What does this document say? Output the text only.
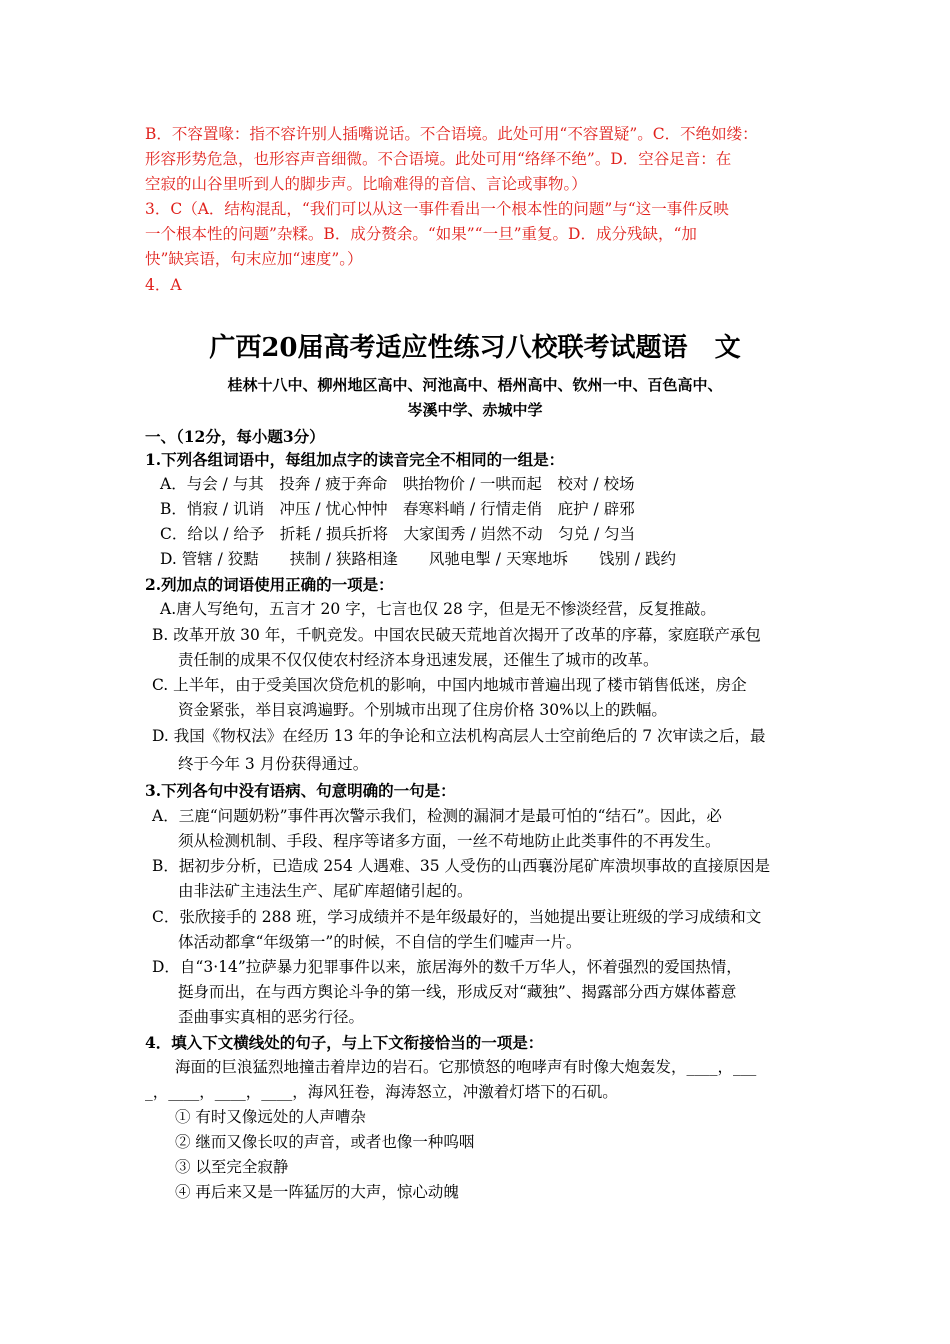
B．不容置喙：指不容许别人插嘴说话。不合语境。此处可用“不容置疑”。C．不绝如缕：
形容形势危急，也形容声音细微。不合语境。此处可用“络绎不绝”。D．空谷足音：在
空寂的山谷里听到人的脚步声。比喻难得的音信、言论或事物。）
3．C（A．结构混乱，“我们可以从这一事件看出一个根本性的问题”与“这一事件反映
一个根本性的问题”杂糅。B．成分赘余。“如果”“一旦”重复。D．成分残缺，“加
快”缺宾语，句末应加“速度”。）
4．A
广西20届高考适应性练习八校联考试题语   文
桂林十八中、柳州地区高中、河池高中、梧州高中、钦州一中、百色高中、
岑溪中学、赤城中学
一、（12分，每小题3分）
1.下列各组词语中，每组加点字的读音完全不相同的一组是：
A．与会 / 与其　投奔 / 疲于奔命　哄抬物价 / 一哄而起　校对 / 校场
B．悄寂 / 讥诮　冲压 / 忧心忡忡　春寒料峭 / 行情走俏　庇护 / 辟邪
C．给以 / 给予　折耗 / 损兵折将　大家闺秀 / 岿然不动　匀兑 / 匀当
D. 管辖 / 狡黠　　挟制 / 狭路相逢　　风驰电掣 / 天寒地坼　　饯别 / 践约
2.列加点的词语使用正确的一项是：
A.唐人写绝句，五言才 20 字，七言也仅 28 字，但是无不惨淡经营，反复推敲。
B. 改革开放 30 年，千帆竞发。中国农民破天荒地首次揭开了改革的序幕，家庭联产承包
责任制的成果不仅仅使农村经济本身迅速发展，还催生了城市的改革。
C. 上半年，由于受美国次贷危机的影响，中国内地城市普遍出现了楼市销售低迷，房企
资金紧张，举目哀鸿遍野。个别城市出现了住房价格 30%以上的跌幅。
D. 我国《物权法》在经历 13 年的争论和立法机构高层人士空前绝后的 7 次审读之后，最
终于今年 3 月份获得通过。
3.下列各句中没有语病、句意明确的一句是：
A．三鹿“问题奶粉”事件再次警示我们，检测的漏洞才是最可怕的“结石”。因此，必
须从检测机制、手段、程序等诸多方面，一丝不苟地防止此类事件的不再发生。
B．据初步分析，已造成 254 人遇难、35 人受伤的山西襄汾尾矿库溃坝事故的直接原因是
由非法矿主违法生产、尾矿库超储引起的。
C．张欣接手的 288 班，学习成绩并不是年级最好的，当她提出要让班级的学习成绩和文
体活动都拿“年级第一”的时候，不自信的学生们嘘声一片。
D．自“3·14”拉萨暴力犯罪事件以来，旅居海外的数千万华人，怀着强烈的爱国热情，
挺身而出，在与西方舆论斗争的第一线，形成反对“藏独”、揭露部分西方媒体蓄意
歪曲事实真相的恶劣行径。
4．填入下文横线处的句子，与上下文衔接恰当的一项是：
海面的巨浪猛烈地撞击着岸边的岩石。它那愤怒的咆哮声有时像大炮轰发，____，___
_，____，____，____，海风狂卷，海涛怒立，冲激着灯塔下的石矶。
① 有时又像远处的人声嘈杂
② 继而又像长叹的声音，或者也像一种呜咽
③ 以至完全寂静
④ 再后来又是一阵猛厉的大声，惊心动魄
